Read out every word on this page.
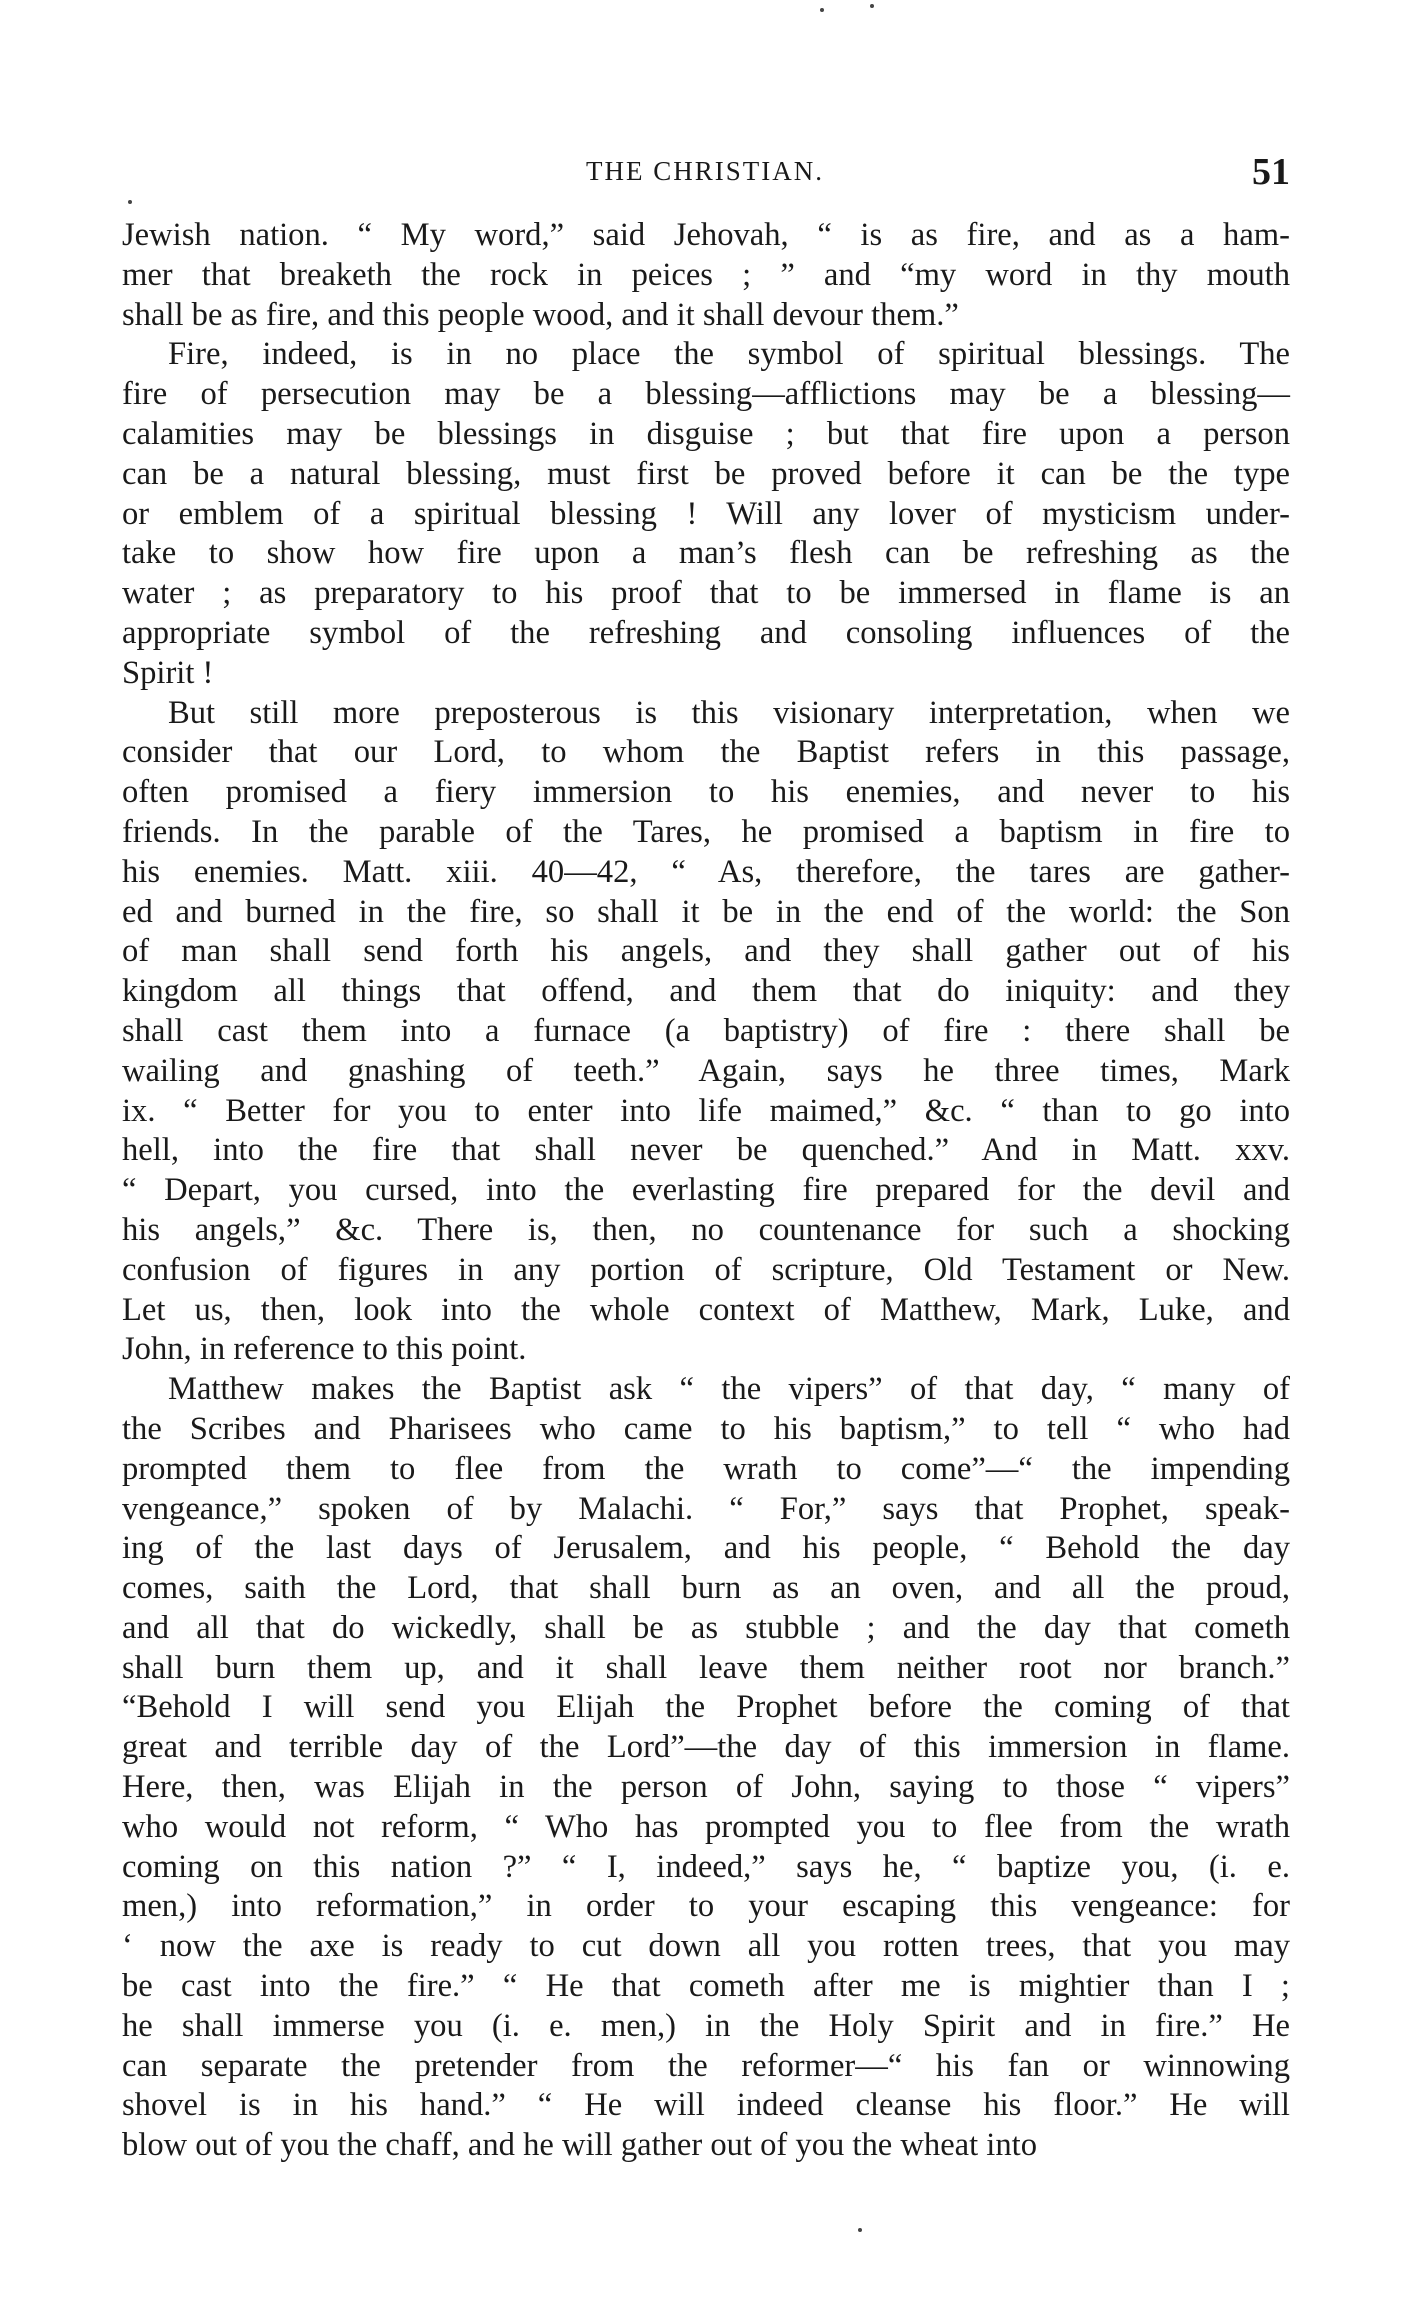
THE CHRISTIAN.	51
Jewish nation. “ My word,” said Jehovah, “ is as fire, and as a ham-
mer that breaketh the rock in peices ; ” and “my word in thy mouth
shall be as fire, and this people wood, and it shall devour them.”
Fire, indeed, is in no place the symbol of spiritual blessings. The
fire of persecution may be a blessing—afflictions may be a blessing—
calamities may be blessings in disguise ; but that fire upon a person
can be a natural blessing, must first be proved before it can be the type
or emblem of a spiritual blessing ! Will any lover of mysticism under-
take to show how fire upon a man’s flesh can be refreshing as the
water ; as preparatory to his proof that to be immersed in flame is an
appropriate symbol of the refreshing and consoling influences of the
Spirit !
But still more preposterous is this visionary interpretation, when we
consider that our Lord, to whom the Baptist refers in this passage,
often promised a fiery immersion to his enemies, and never to his
friends. In the parable of the Tares, he promised a baptism in fire to
his enemies. Matt. xiii. 40—42, “ As, therefore, the tares are gather-
ed and burned in the fire, so shall it be in the end of the world: the Son
of man shall send forth his angels, and they shall gather out of his
kingdom all things that offend, and them that do iniquity: and they
shall cast them into a furnace (a baptistry) of fire : there shall be
wailing and gnashing of teeth.” Again, says he three times, Mark
ix. “ Better for you to enter into life maimed,” &c. “ than to go into
hell, into the fire that shall never be quenched.” And in Matt. xxv.
“ Depart, you cursed, into the everlasting fire prepared for the devil and
his angels,” &c. There is, then, no countenance for such a shocking
confusion of figures in any portion of scripture, Old Testament or New.
Let us, then, look into the whole context of Matthew, Mark, Luke, and
John, in reference to this point.
Matthew makes the Baptist ask “ the vipers” of that day, “ many of
the Scribes and Pharisees who came to his baptism,” to tell “ who had
prompted them to flee from the wrath to come”—“ the impending
vengeance,” spoken of by Malachi. “ For,” says that Prophet, speak-
ing of the last days of Jerusalem, and his people, “ Behold the day
comes, saith the Lord, that shall burn as an oven, and all the proud,
and all that do wickedly, shall be as stubble ; and the day that cometh
shall burn them up, and it shall leave them neither root nor branch.”
“Behold I will send you Elijah the Prophet before the coming of that
great and terrible day of the Lord”—the day of this immersion in flame.
Here, then, was Elijah in the person of John, saying to those “ vipers”
who would not reform, “ Who has prompted you to flee from the wrath
coming on this nation ?” “ I, indeed,” says he, “ baptize you, (i. e.
men,) into reformation,” in order to your escaping this vengeance: for
‘ now the axe is ready to cut down all you rotten trees, that you may
be cast into the fire.” “ He that cometh after me is mightier than I ;
he shall immerse you (i. e. men,) in the Holy Spirit and in fire.” He
can separate the pretender from the reformer—“ his fan or winnowing
shovel is in his hand.” “ He will indeed cleanse his floor.” He will
blow out of you the chaff, and he will gather out of you the wheat into
